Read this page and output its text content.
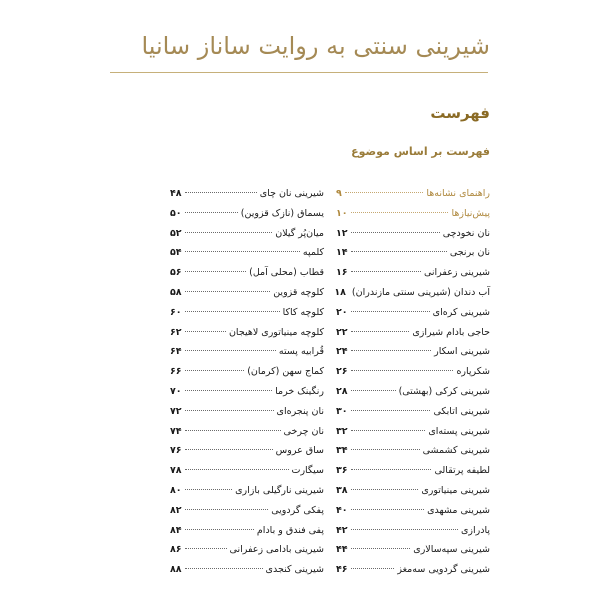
شیرینی سنتی به روایت ساناز سانیا
فهرست
فهرست بر اساس موضوع
راهنمای نشانه‌ها
۹
پیش‌نیازها
۱۰
نان نخودچی
۱۲
نان برنجی
۱۴
شیرینی زعفرانی
۱۶
آب دندان (شیرینی سنتی مازندران)
۱۸
شیرینی کره‌ای
۲۰
حاجی بادام شیرازی
۲۲
شیرینی اسکار
۲۴
شکرپاره
۲۶
شیرینی کرکی (بهشتی)
۲۸
شیرینی اتابکی
۳۰
شیرینی پسته‌ای
۳۲
شیرینی کشمشی
۳۴
لطیفه پرتقالی
۳۶
شیرینی مینیاتوری
۳۸
شیرینی مشهدی
۴۰
پادرازی
۴۲
شیرینی سپه‌سالاری
۴۴
شیرینی گردویی سه‌مغز
۴۶
شیرینی نان چای
۴۸
یسماق (نازک قزوین)
۵۰
میان‌پُر گیلان
۵۲
کلمپه
۵۴
قطاب (محلی آمل)
۵۶
کلوچه قزوین
۵۸
کلوچه کاکا
۶۰
کلوچه مینیاتوری لاهیجان
۶۲
قُرابیه پسته
۶۴
کماج سهن (کرمان)
۶۶
رنگینک خرما
۷۰
نان پنجره‌ای
۷۲
نان چرخی
۷۴
ساق عروس
۷۶
سیگارت
۷۸
شیرینی نارگیلی بازاری
۸۰
پفکی گردویی
۸۲
پفی فندق و بادام
۸۴
شیرینی بادامی زعفرانی
۸۶
شیرینی کنجدی
۸۸
